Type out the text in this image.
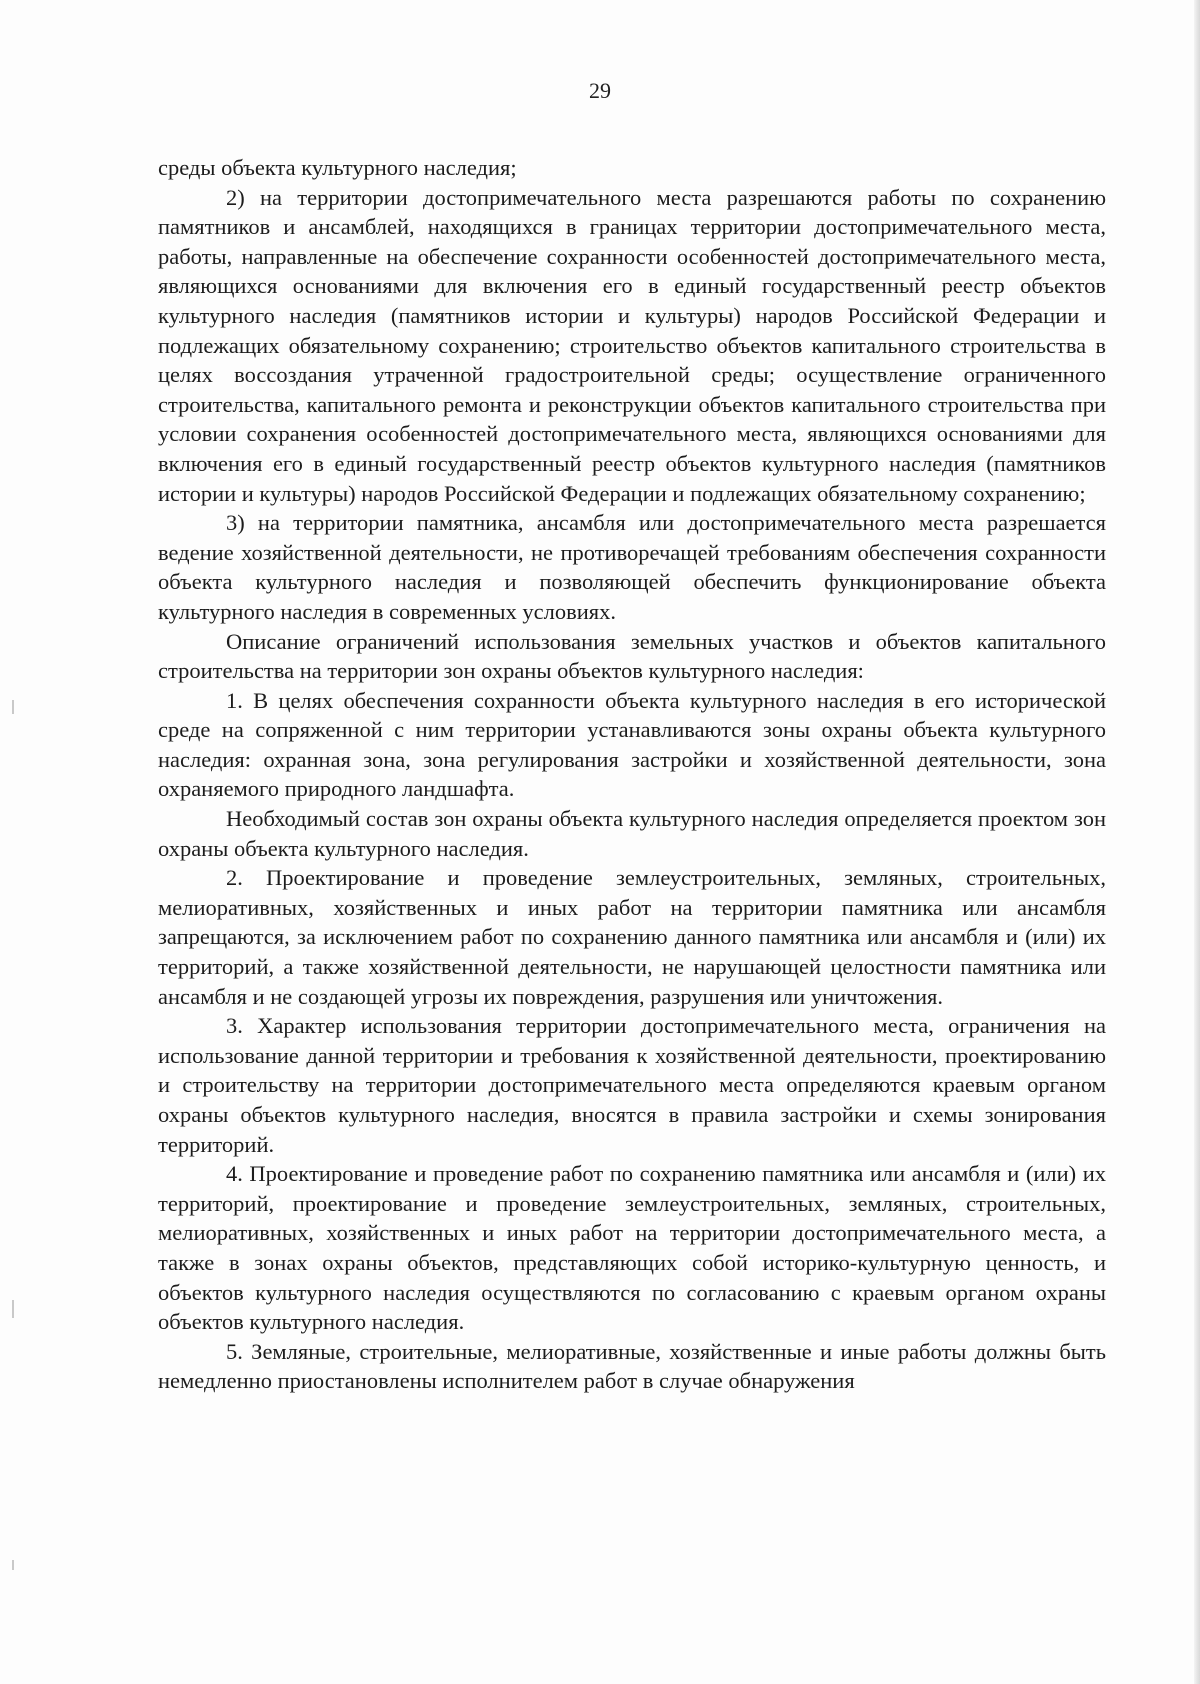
29

среды объекта культурного наследия;

2) на территории достопримечательного места разрешаются работы по сохранению памятников и ансамблей, находящихся в границах территории достопримечательного места, работы, направленные на обеспечение сохранности особенностей достопримечательного места, являющихся основаниями для включения его в единый государственный реестр объектов культурного наследия (памятников истории и культуры) народов Российской Федерации и подлежащих обязательному сохранению; строительство объектов капитального строительства в целях воссоздания утраченной градостроительной среды; осуществление ограниченного строительства, капитального ремонта и реконструкции объектов капитального строительства при условии сохранения особенностей достопримечательного места, являющихся основаниями для включения его в единый государственный реестр объектов культурного наследия (памятников истории и культуры) народов Российской Федерации и подлежащих обязательному сохранению;

3) на территории памятника, ансамбля или достопримечательного места разрешается ведение хозяйственной деятельности, не противоречащей требованиям обеспечения сохранности объекта культурного наследия и позволяющей обеспечить функционирование объекта культурного наследия в современных условиях.

Описание ограничений использования земельных участков и объектов капитального строительства на территории зон охраны объектов культурного наследия:

1. В целях обеспечения сохранности объекта культурного наследия в его исторической среде на сопряженной с ним территории устанавливаются зоны охраны объекта культурного наследия: охранная зона, зона регулирования застройки и хозяйственной деятельности, зона охраняемого природного ландшафта.

Необходимый состав зон охраны объекта культурного наследия определяется проектом зон охраны объекта культурного наследия.

2. Проектирование и проведение землеустроительных, земляных, строительных, мелиоративных, хозяйственных и иных работ на территории памятника или ансамбля запрещаются, за исключением работ по сохранению данного памятника или ансамбля и (или) их территорий, а также хозяйственной деятельности, не нарушающей целостности памятника или ансамбля и не создающей угрозы их повреждения, разрушения или уничтожения.

3. Характер использования территории достопримечательного места, ограничения на использование данной территории и требования к хозяйственной деятельности, проектированию и строительству на территории достопримечательного места определяются краевым органом охраны объектов культурного наследия, вносятся в правила застройки и схемы зонирования территорий.

4. Проектирование и проведение работ по сохранению памятника или ансамбля и (или) их территорий, проектирование и проведение землеустроительных, земляных, строительных, мелиоративных, хозяйственных и иных работ на территории достопримечательного места, а также в зонах охраны объектов, представляющих собой историко-культурную ценность, и объектов культурного наследия осуществляются по согласованию с краевым органом охраны объектов культурного наследия.

5. Земляные, строительные, мелиоративные, хозяйственные и иные работы должны быть немедленно приостановлены исполнителем работ в случае обнаружения
